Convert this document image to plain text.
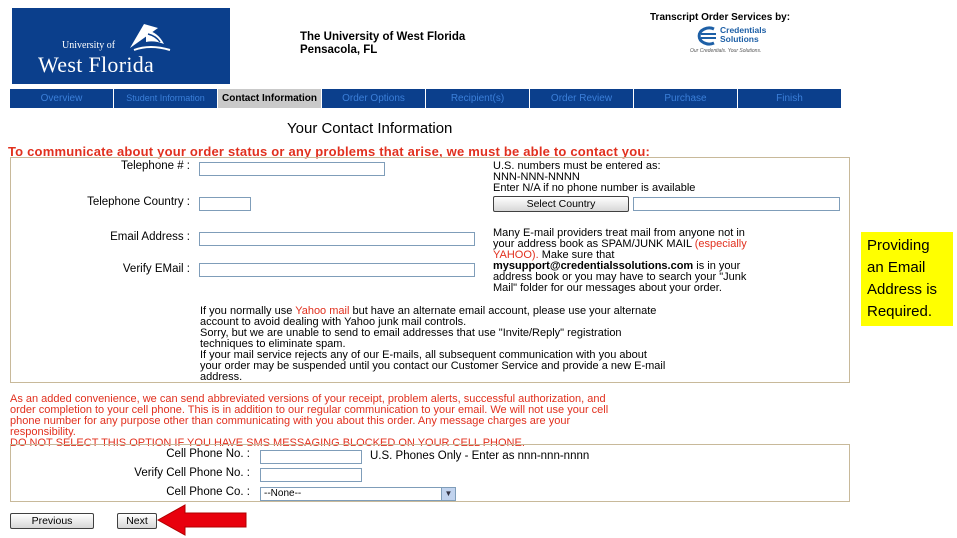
University of
West Florida
The University of West Florida
Pensacola, FL
Transcript Order Services by:
Credentials
Solutions
Our Credentials. Your Solutions.
Overview	Student Information	Contact Information	Order Options	Recipient(s)	Order Review	Purchase	Finish
Your Contact Information
To communicate about your order status or any problems that arise, we must be able to contact you:
Telephone # :	U.S. numbers must be entered as:
NNN-NNN-NNNN
Enter N/A if no phone number is available
Telephone Country :	Select Country
Email Address :
Verify EMail :
Many E-mail providers treat mail from anyone not in
your address book as SPAM/JUNK MAIL (especially
YAHOO). Make sure that
mysupport@credentialssolutions.com is in your
address book or you may have to search your "Junk
Mail" folder for our messages about your order.
If you normally use Yahoo mail but have an alternate email account, please use your alternate
account to avoid dealing with Yahoo junk mail controls.
Sorry, but we are unable to send to email addresses that use "Invite/Reply" registration
techniques to eliminate spam.
If your mail service rejects any of our E-mails, all subsequent communication with you about
your order may be suspended until you contact our Customer Service and provide a new E-mail
address.
As an added convenience, we can send abbreviated versions of your receipt, problem alerts, successful authorization, and
order completion to your cell phone. This is in addition to our regular communication to your email. We will not use your cell
phone number for any purpose other than communicating with you about this order. Any message charges are your
responsibility.
DO NOT SELECT THIS OPTION IF YOU HAVE SMS MESSAGING BLOCKED ON YOUR CELL PHONE.
Cell Phone No. :	U.S. Phones Only - Enter as nnn-nnn-nnnn
Verify Cell Phone No. :
Cell Phone Co. :	--None--	▼
Previous	Next
Providing
an Email
Address is
Required.
